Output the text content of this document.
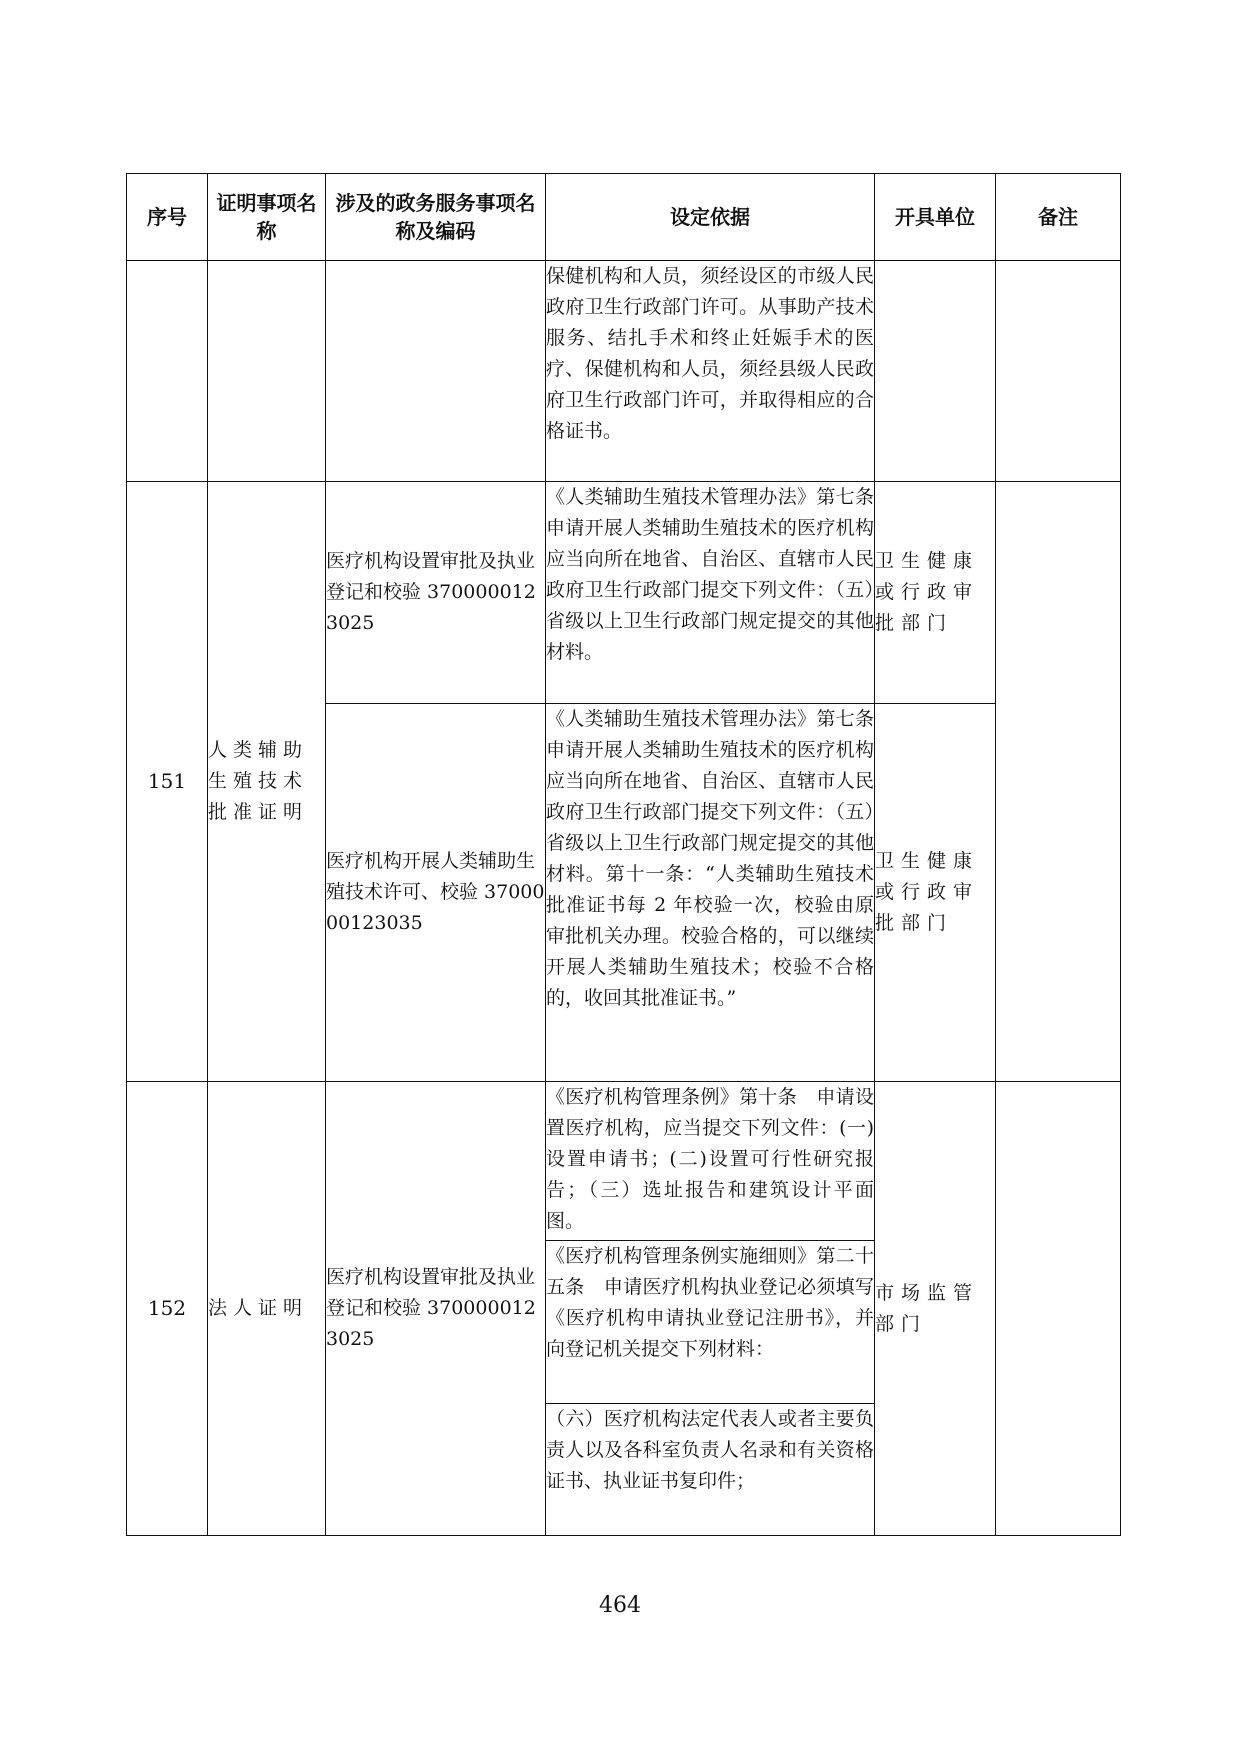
序号	证明事项名称	涉及的政务服务事项名称及编码	设定依据	开具单位	备注
			保健机构和人员，须经设区的市级人民政府卫生行政部门许可。从事助产技术服务、结扎手术和终止妊娠手术的医疗、保健机构和人员，须经县级人民政府卫生行政部门许可，并取得相应的合格证书。		
151	人类辅助生殖技术批准证明	医疗机构设置审批及执业登记和校验 3700000123025	《人类辅助生殖技术管理办法》第七条　申请开展人类辅助生殖技术的医疗机构应当向所在地省、自治区、直辖市人民政府卫生行政部门提交下列文件：（五）省级以上卫生行政部门规定提交的其他材料。	卫生健康或行政审批部门	
		医疗机构开展人类辅助生殖技术许可、校验 3700000123035	《人类辅助生殖技术管理办法》第七条　申请开展人类辅助生殖技术的医疗机构应当向所在地省、自治区、直辖市人民政府卫生行政部门提交下列文件：（五）省级以上卫生行政部门规定提交的其他材料。第十一条：“人类辅助生殖技术批准证书每 2 年校验一次，校验由原审批机关办理。校验合格的，可以继续开展人类辅助生殖技术；校验不合格的，收回其批准证书。”	卫生健康或行政审批部门	
152	法人证明	医疗机构设置审批及执业登记和校验 3700000123025	《医疗机构管理条例》第十条　申请设置医疗机构，应当提交下列文件：(一)设置申请书；(二)设置可行性研究报告；（三）选址报告和建筑设计平面图。	市场监管部门	
			《医疗机构管理条例实施细则》第二十五条　申请医疗机构执业登记必须填写《医疗机构申请执业登记注册书》，并向登记机关提交下列材料：		
			（六）医疗机构法定代表人或者主要负责人以及各科室负责人名录和有关资格证书、执业证书复印件；		
464
